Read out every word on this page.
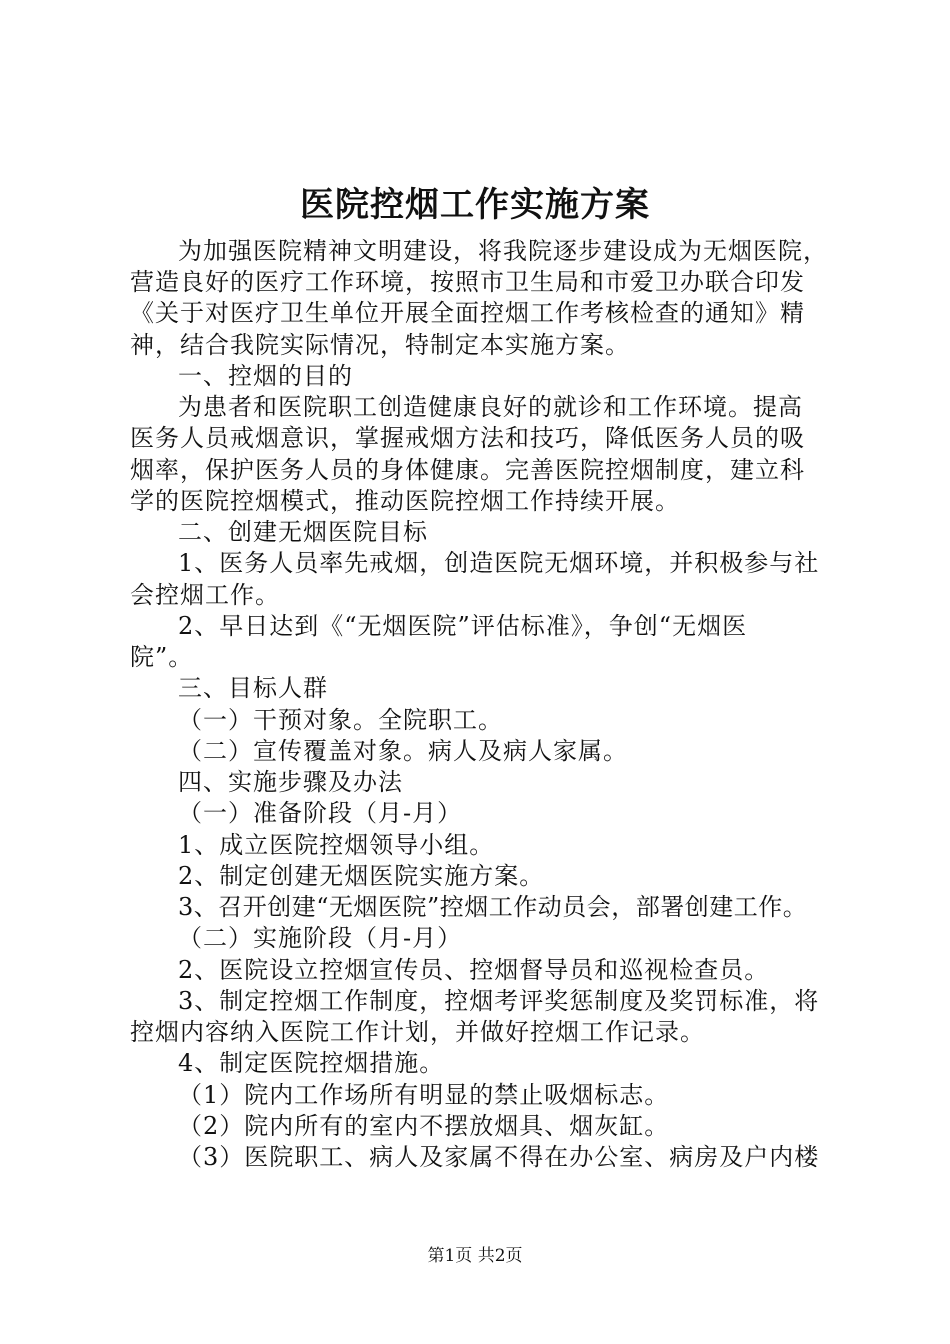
医院控烟工作实施方案
为加强医院精神文明建设，将我院逐步建设成为无烟医院，
营造良好的医疗工作环境，按照市卫生局和市爱卫办联合印发
《关于对医疗卫生单位开展全面控烟工作考核检查的通知》精
神，结合我院实际情况，特制定本实施方案。
一、控烟的目的
为患者和医院职工创造健康良好的就诊和工作环境。提高
医务人员戒烟意识，掌握戒烟方法和技巧，降低医务人员的吸
烟率，保护医务人员的身体健康。完善医院控烟制度，建立科
学的医院控烟模式，推动医院控烟工作持续开展。
二、创建无烟医院目标
1、医务人员率先戒烟，创造医院无烟环境，并积极参与社
会控烟工作。
2、早日达到《“无烟医院”评估标准》，争创“无烟医
院”。
三、目标人群
（一）干预对象。全院职工。
（二）宣传覆盖对象。病人及病人家属。
四、实施步骤及办法
（一）准备阶段（月-月）
1、成立医院控烟领导小组。
2、制定创建无烟医院实施方案。
3、召开创建“无烟医院”控烟工作动员会，部署创建工作。
（二）实施阶段（月-月）
2、医院设立控烟宣传员、控烟督导员和巡视检查员。
3、制定控烟工作制度，控烟考评奖惩制度及奖罚标准，将
控烟内容纳入医院工作计划，并做好控烟工作记录。
4、制定医院控烟措施。
（1）院内工作场所有明显的禁止吸烟标志。
（2）院内所有的室内不摆放烟具、烟灰缸。
（3）医院职工、病人及家属不得在办公室、病房及户内楼
第1页 共2页
